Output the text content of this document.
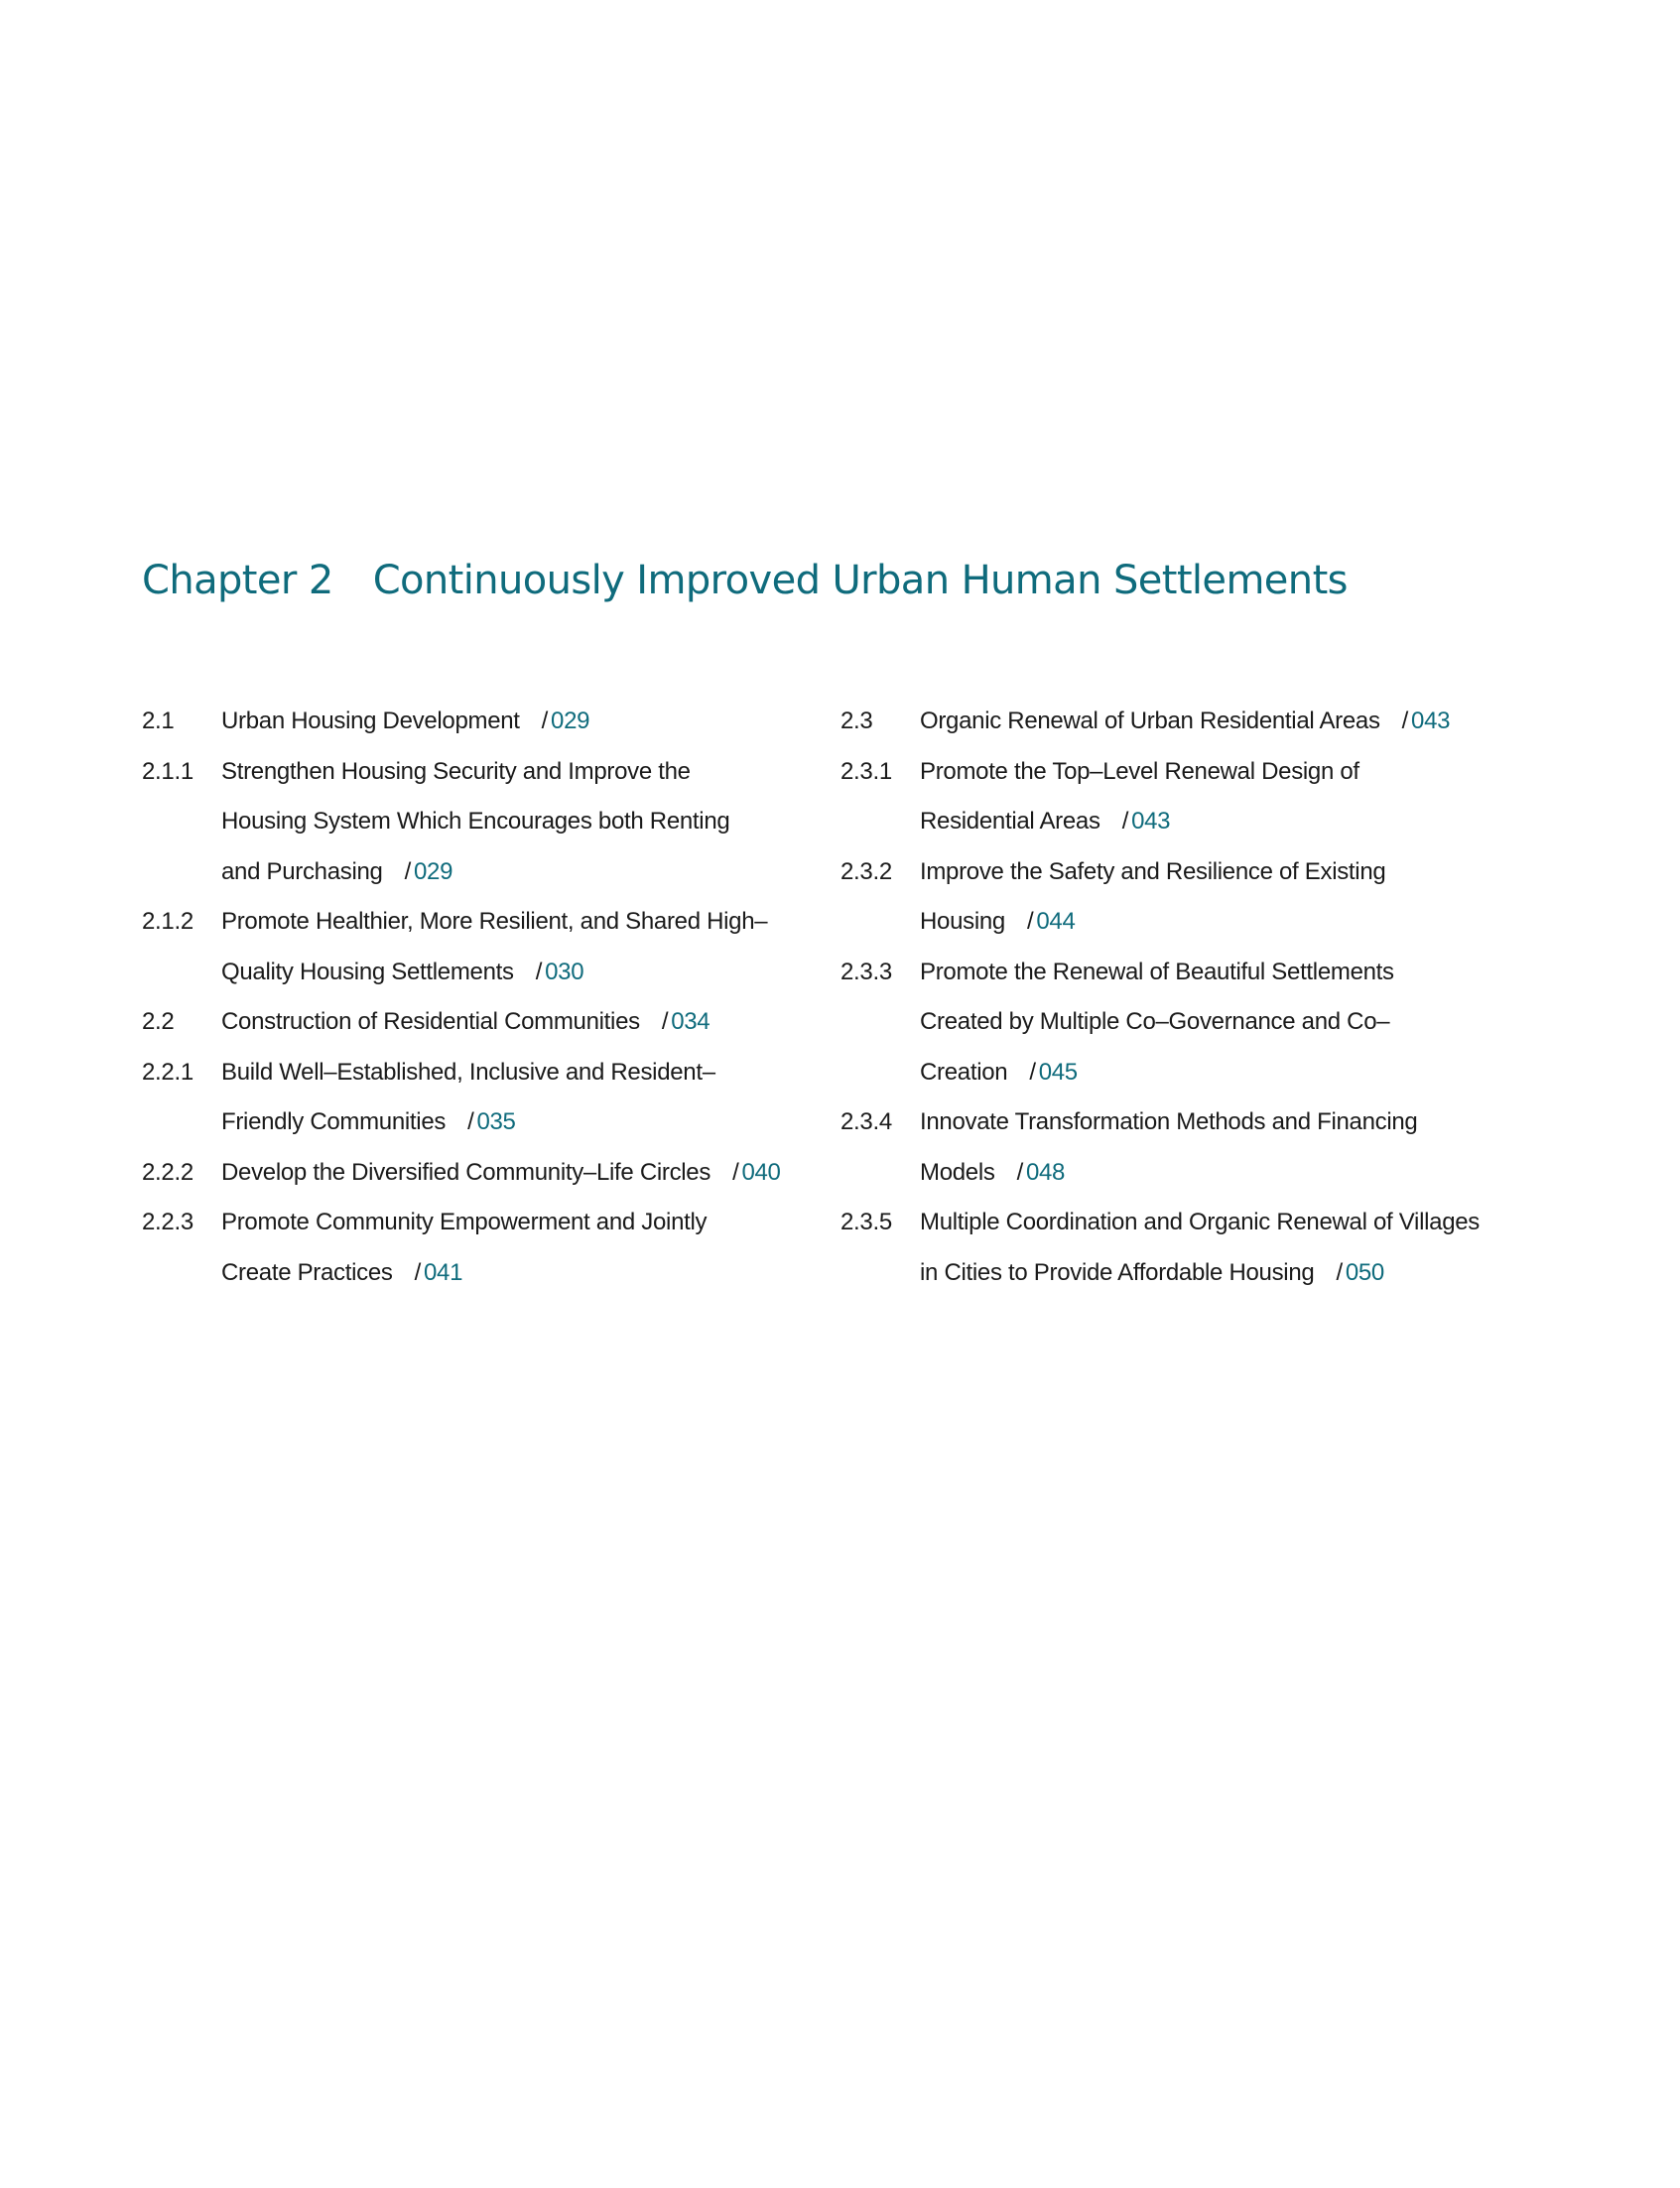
Chapter 2 Continuously Improved Urban Human Settlements
2.1	Urban Housing Development / 029
2.1.1	Strengthen Housing Security and Improve the
Housing System Which Encourages both Renting
and Purchasing / 029
2.1.2	Promote Healthier, More Resilient, and Shared High–
Quality Housing Settlements / 030
2.2	Construction of Residential Communities / 034
2.2.1	Build Well–Established, Inclusive and Resident–
Friendly Communities / 035
2.2.2	Develop the Diversified Community–Life Circles / 040
2.2.3	Promote Community Empowerment and Jointly
Create Practices / 041
2.3	Organic Renewal of Urban Residential Areas / 043
2.3.1	Promote the Top–Level Renewal Design of
Residential Areas / 043
2.3.2	Improve the Safety and Resilience of Existing
Housing / 044
2.3.3	Promote the Renewal of Beautiful Settlements
Created by Multiple Co–Governance and Co–
Creation / 045
2.3.4	Innovate Transformation Methods and Financing
Models / 048
2.3.5	Multiple Coordination and Organic Renewal of Villages
in Cities to Provide Affordable Housing / 050
